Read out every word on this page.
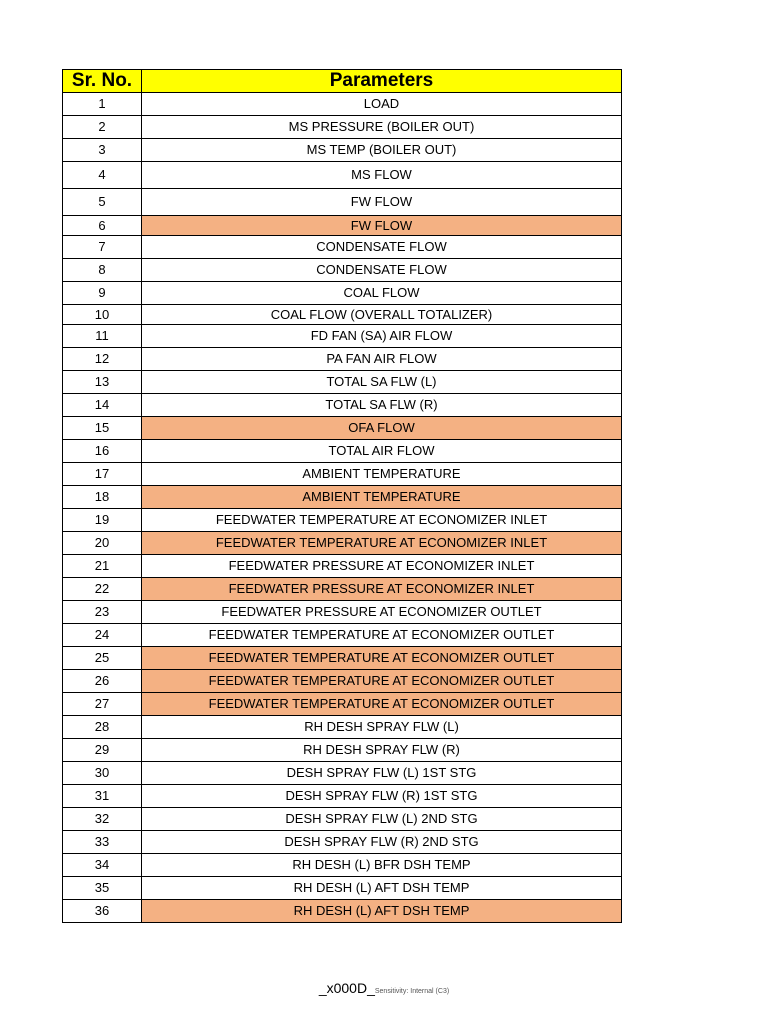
Sr. No.	Parameters
1	LOAD
2	MS PRESSURE (BOILER OUT)
3	MS TEMP (BOILER OUT)
4	MS FLOW
5	FW FLOW
6	FW FLOW
7	CONDENSATE FLOW
8	CONDENSATE FLOW
9	COAL FLOW
10	COAL FLOW (OVERALL TOTALIZER)
11	FD FAN (SA) AIR FLOW
12	PA FAN AIR FLOW
13	TOTAL SA FLW (L)
14	TOTAL SA FLW (R)
15	OFA FLOW
16	TOTAL AIR FLOW
17	AMBIENT TEMPERATURE
18	AMBIENT TEMPERATURE
19	FEEDWATER TEMPERATURE AT ECONOMIZER INLET
20	FEEDWATER TEMPERATURE AT ECONOMIZER INLET
21	FEEDWATER PRESSURE AT ECONOMIZER INLET
22	FEEDWATER PRESSURE AT ECONOMIZER INLET
23	FEEDWATER PRESSURE AT ECONOMIZER OUTLET
24	FEEDWATER TEMPERATURE AT ECONOMIZER OUTLET
25	FEEDWATER TEMPERATURE AT ECONOMIZER OUTLET
26	FEEDWATER TEMPERATURE AT ECONOMIZER OUTLET
27	FEEDWATER TEMPERATURE AT ECONOMIZER OUTLET
28	RH DESH SPRAY FLW (L)
29	RH DESH SPRAY FLW (R)
30	DESH SPRAY FLW (L) 1ST STG
31	DESH SPRAY FLW (R) 1ST STG
32	DESH SPRAY FLW (L) 2ND STG
33	DESH SPRAY FLW (R) 2ND STG
34	RH DESH (L) BFR DSH TEMP
35	RH DESH (L) AFT DSH TEMP
36	RH DESH (L) AFT DSH TEMP
_x000D_Sensitivity: Internal (C3)
